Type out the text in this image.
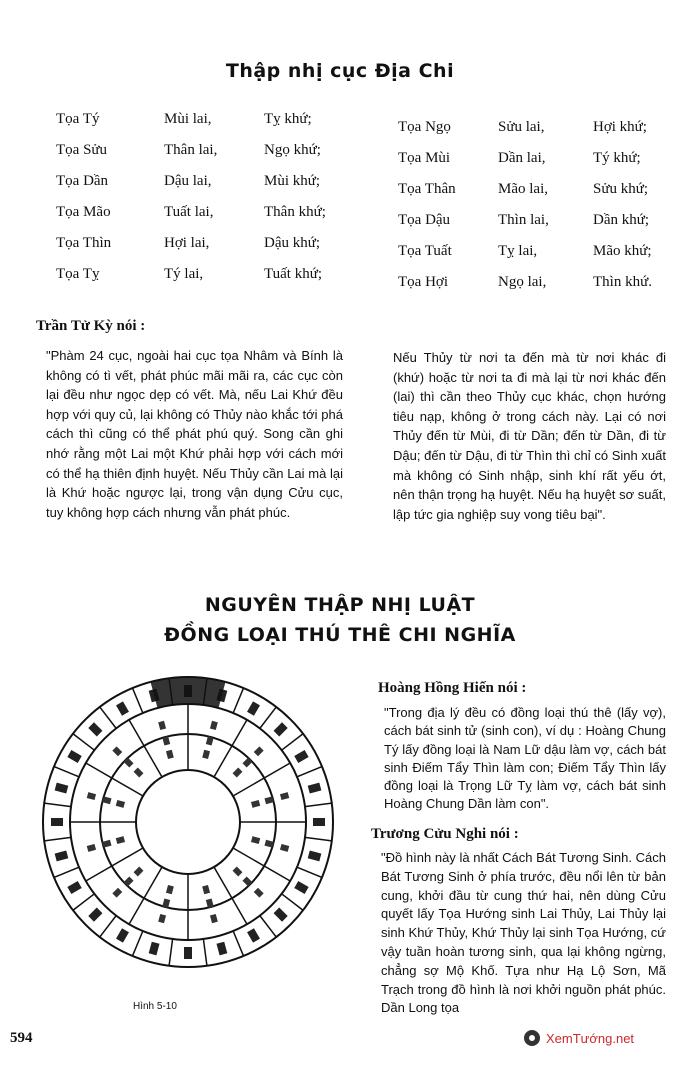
Thập nhị cục Địa Chi
Tọa Tý	Mùi lai,	Tỵ khứ;
Tọa Sửu	Thân lai,	Ngọ khứ;
Tọa Dần	Dậu lai,	Mùi khứ;
Tọa Mão	Tuất lai,	Thân khứ;
Tọa Thìn	Hợi lai,	Dậu khứ;
Tọa Tỵ	Tý lai,	Tuất khứ;
Tọa Ngọ	Sửu lai,	Hợi khứ;
Tọa Mùi	Dần lai,	Tý khứ;
Tọa Thân	Mão lai,	Sửu khứ;
Tọa Dậu	Thìn lai,	Dần khứ;
Tọa Tuất	Tỵ lai,	Mão khứ;
Tọa Hợi	Ngọ lai,	Thìn khứ.
Trần Tử Kỳ nói :
"Phàm 24 cục, ngoài hai cục tọa Nhâm và Bính là không có tì vết, phát phúc mãi mãi ra, các cục còn lại đều như ngọc dẹp có vết. Mà, nếu Lai Khứ đều hợp với quy củ, lại không có Thủy nào khắc tới phá cách thì cũng có thể phát phú quý. Song cần ghi nhớ rằng một Lai một Khứ phải hợp với cách mới có thể hạ thiên định huyệt. Nếu Thủy cần Lai mà lại là Khứ hoặc ngược lại, trong vận dụng Cửu cục, tuy không hợp cách nhưng vẫn phát phúc.
Nếu Thủy từ nơi ta đến mà từ nơi khác đi (khứ) hoặc từ nơi ta đi mà lại từ nơi khác đến (lai) thì cần theo Thủy cục khác, chọn hướng tiêu nạp, không ở trong cách này. Lại có nơi Thủy đến từ Mùi, đi từ Dần; đến từ Dần, đi từ Dậu; đến từ Dậu, đi từ Thìn thì chỉ có Sinh xuất mà không có Sinh nhập, sinh khí rất yếu ớt, nên thận trọng hạ huyệt. Nếu hạ huyệt sơ suất, lập tức gia nghiệp suy vong tiêu bại".
NGUYÊN THẬP NHỊ LUẬT
ĐỒNG LOẠI THÚ THÊ CHI NGHĨA
Hình 5-10
Hoàng Hồng Hiến nói :
"Trong địa lý đều có đồng loại thú thê (lấy vợ), cách bát sinh tử (sinh con), ví dụ : Hoàng Chung Tý lấy đồng loại là Nam Lữ dậu làm vợ, cách bát sinh Điếm Tẩy Thìn làm con; Điếm Tẩy Thìn lấy đồng loại là Trọng Lữ Tỵ làm vợ, cách bát sinh Hoàng Chung Dần làm con".
Trương Cửu Nghi nói :
"Đồ hình này là nhất Cách Bát Tương Sinh. Cách Bát Tương Sinh ở phía trước, đều nổi lên từ bản cung, khởi đầu từ cung thứ hai, nên dùng Cửu quyết lấy Tọa Hướng sinh Lai Thủy, Lai Thủy lại sinh Khứ Thủy, Khứ Thủy lại sinh Tọa Hướng, cứ vậy tuần hoàn tương sinh, qua lại không ngừng, chẳng sợ Mộ Khố. Tựa như Hạ Lộ Sơn, Mã Trạch trong đồ hình là nơi khởi nguồn phát phúc. Dần Long tọa
594	XemTướng.net
